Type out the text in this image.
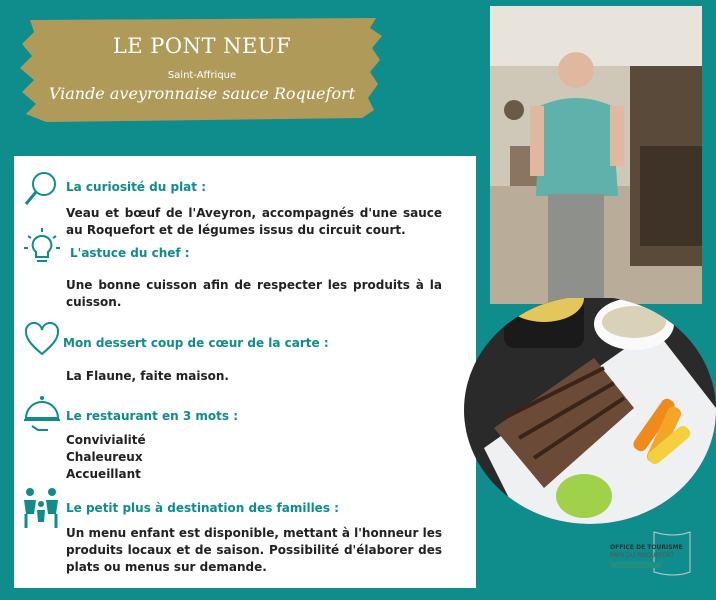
LE PONT NEUF
Saint-Affrique
Viande aveyronnaise sauce Roquefort
La curiosité du plat :
Veau et bœuf de l'Aveyron, accompagnés d'une sauce au Roquefort et de légumes issus du circuit court.
L'astuce du chef :
Une bonne cuisson afin de respecter les produits à la cuisson.
Mon dessert coup de cœur de la carte :
La Flaune, faite maison.
Le restaurant en 3 mots :
Convivialité
Chaleureux
Accueillant
Le petit plus à destination des familles :
Un menu enfant est disponible, mettant à l'honneur les produits locaux et de saison. Possibilité d'élaborer des plats ou menus sur demande.
OFFICE DE TOURISME
PAYS DU ROQUEFORT
